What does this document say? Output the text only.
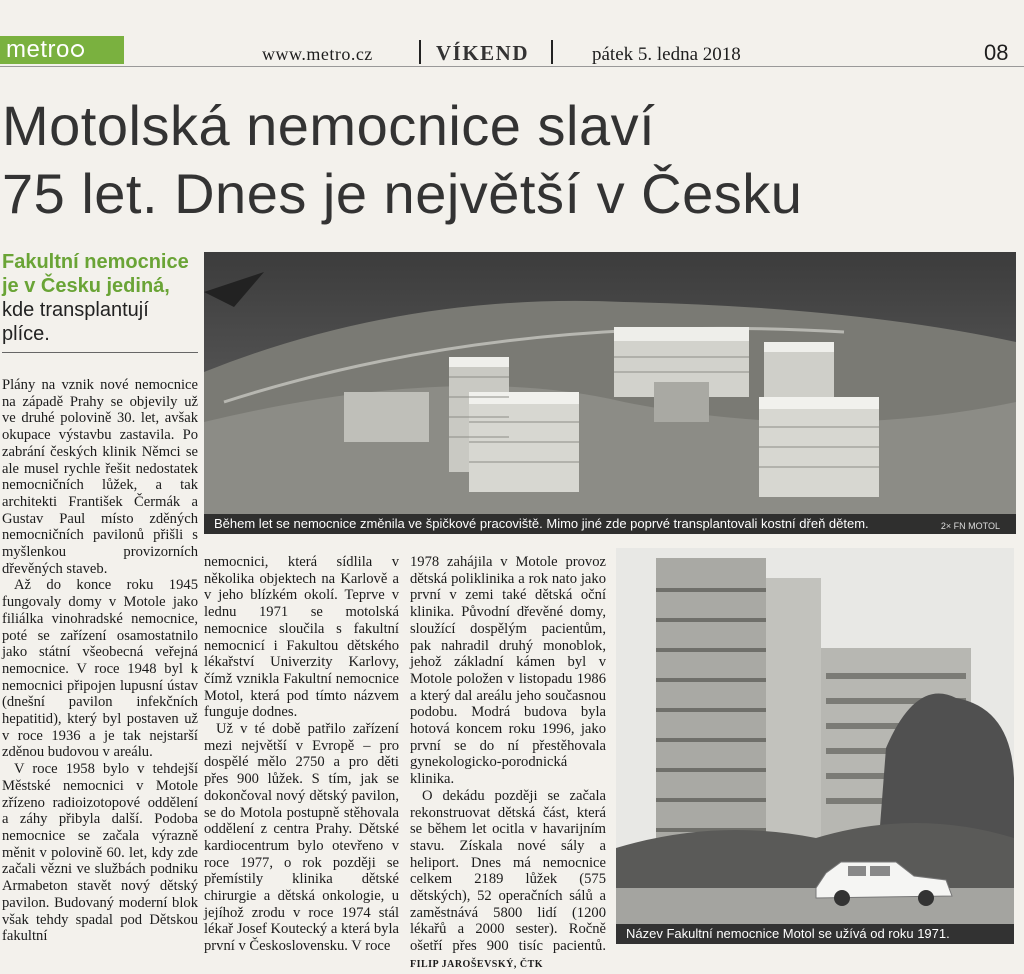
metro	www.metro.cz	VÍKEND	pátek 5. ledna 2018	08
Motolská nemocnice slaví
75 let. Dnes je největší v Česku

Fakultní nemocnice je v Česku jediná, kde transplantují plíce.

Během let se nemocnice změnila ve špičkové pracoviště. Mimo jiné zde poprvé transplantovali kostní dřeň dětem.	2× FN MOTOL

Plány na vznik nové nemocnice na západě Prahy se objevily už ve druhé polovině 30. let, avšak okupace výstavbu zastavila. Po zabrání českých klinik Němci se ale musel rychle řešit nedostatek nemocničních lůžek, a tak architekti František Čermák a Gustav Paul místo zděných nemocničních pavilonů přišli s myšlenkou provizorních dřevěných staveb.

Až do konce roku 1945 fungovaly domy v Motole jako filiálka vinohradské nemocnice, poté se zařízení osamostatnilo jako státní všeobecná veřejná nemocnice. V roce 1948 byl k nemocnici připojen lupusní ústav (dnešní pavilon infekčních hepatitid), který byl postaven už v roce 1936 a je tak nejstarší zděnou budovou v areálu.

V roce 1958 bylo v tehdejší Městské nemocnici v Motole zřízeno radioizotopové oddělení a záhy přibyla další. Podoba nemocnice se začala výrazně měnit v polovině 60. let, kdy zde začali vězni ve službách podniku Armabeton stavět nový dětský pavilon. Budovaný moderní blok však tehdy spadal pod Dětskou fakultní

nemocnici, která sídlila v několika objektech na Karlově a v jeho blízkém okolí. Teprve v lednu 1971 se motolská nemocnice sloučila s fakultní nemocnicí i Fakultou dětského lékařství Univerzity Karlovy, čímž vznikla Fakultní nemocnice Motol, která pod tímto názvem funguje dodnes.

Už v té době patřilo zařízení mezi největší v Evropě – pro dospělé mělo 2750 a pro děti přes 900 lůžek. S tím, jak se dokončoval nový dětský pavilon, se do Motola postupně stěhovala oddělení z centra Prahy. Dětské kardiocentrum bylo otevřeno v roce 1977, o rok později se přemístily klinika dětské chirurgie a dětská onkologie, u jejíhož zrodu v roce 1974 stál lékař Josef Koutecký a která byla první v Československu. V roce

1978 zahájila v Motole provoz dětská poliklinika a rok nato jako první v zemi také dětská oční klinika. Původní dřevěné domy, sloužící dospělým pacientům, pak nahradil druhý monoblok, jehož základní kámen byl v Motole položen v listopadu 1986 a který dal areálu jeho současnou podobu. Modrá budova byla hotová koncem roku 1996, jako první se do ní přestěhovala gynekologicko-porodnická klinika.

O dekádu později se začala rekonstruovat dětská část, která se během let ocitla v havarijním stavu. Získala nové sály a heliport. Dnes má nemocnice celkem 2189 lůžek (575 dětských), 52 operačních sálů a zaměstnává 5800 lidí (1200 lékařů a 2000 sester). Ročně ošetří přes 900 tisíc pacientů. FILIP JAROŠEVSKÝ, ČTK

Název Fakultní nemocnice Motol se užívá od roku 1971.
